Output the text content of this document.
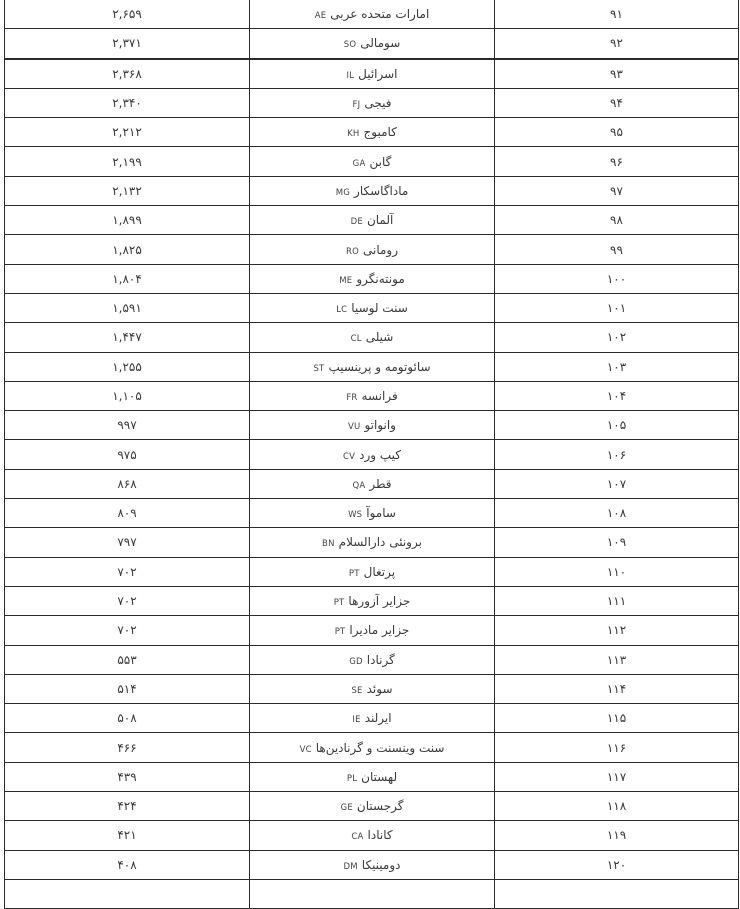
۲,۶۵۹	امارات متحده عربیAE	۹۱
۲,۳۷۱	سومالیSO	۹۲
۲,۳۶۸	اسرائیلIL	۹۳
۲,۳۴۰	فیجیFJ	۹۴
۲,۲۱۲	کامبوجKH	۹۵
۲,۱۹۹	گابنGA	۹۶
۲,۱۳۲	ماداگاسکارMG	۹۷
۱,۸۹۹	آلمانDE	۹۸
۱,۸۲۵	رومانیRO	۹۹
۱,۸۰۴	مونته‌نگروME	۱۰۰
۱,۵۹۱	سنت لوسیاLC	۱۰۱
۱,۴۴۷	شیلیCL	۱۰۲
۱,۲۵۵	سائوتومه و پرینسیپST	۱۰۳
۱,۱۰۵	فرانسهFR	۱۰۴
۹۹۷	وانواتوVU	۱۰۵
۹۷۵	کیپ وردCV	۱۰۶
۸۶۸	قطرQA	۱۰۷
۸۰۹	ساموآWS	۱۰۸
۷۹۷	برونئی دارالسلامBN	۱۰۹
۷۰۲	پرتغالPT	۱۱۰
۷۰۲	جزایر آزورهاPT	۱۱۱
۷۰۲	جزایر مادیراPT	۱۱۲
۵۵۳	گرناداGD	۱۱۳
۵۱۴	سوئدSE	۱۱۴
۵۰۸	ایرلندIE	۱۱۵
۴۶۶	سنت وینسنت و گرنادین‌هاVC	۱۱۶
۴۳۹	لهستانPL	۱۱۷
۴۲۴	گرجستانGE	۱۱۸
۴۲۱	کاناداCA	۱۱۹
۴۰۸	دومینیکاDM	۱۲۰
